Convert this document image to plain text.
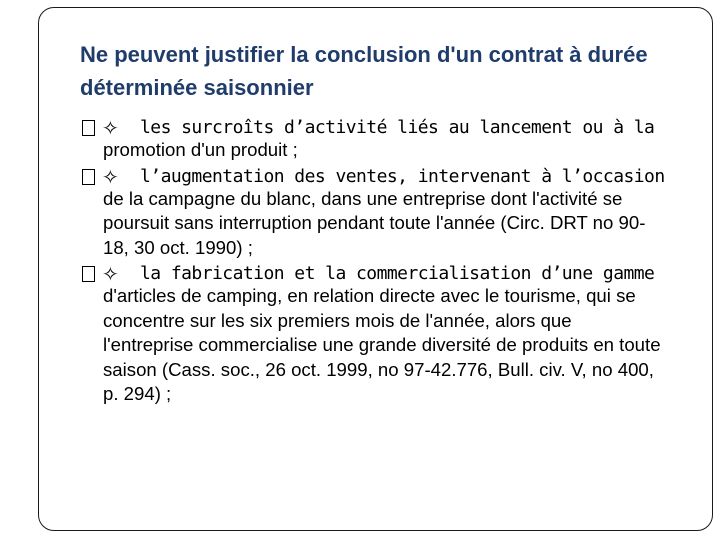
Ne peuvent justifier la conclusion d'un contrat à durée déterminée saisonnier
✧ les surcroîts d’activité liés au lancement ou à la
promotion d'un produit ;
✧ l’augmentation des ventes, intervenant à l’occasion
de la campagne du blanc, dans une entreprise dont l'activité se poursuit sans interruption pendant toute l'année (Circ. DRT no 90-18, 30 oct. 1990) ;
✧ la fabrication et la commercialisation d’une gamme
d'articles de camping, en relation directe avec le tourisme, qui se concentre sur les six premiers mois de l'année, alors que l'entreprise commercialise une grande diversité de produits en toute saison (Cass. soc., 26 oct. 1999, no 97-42.776, Bull. civ. V, no 400, p. 294) ;
